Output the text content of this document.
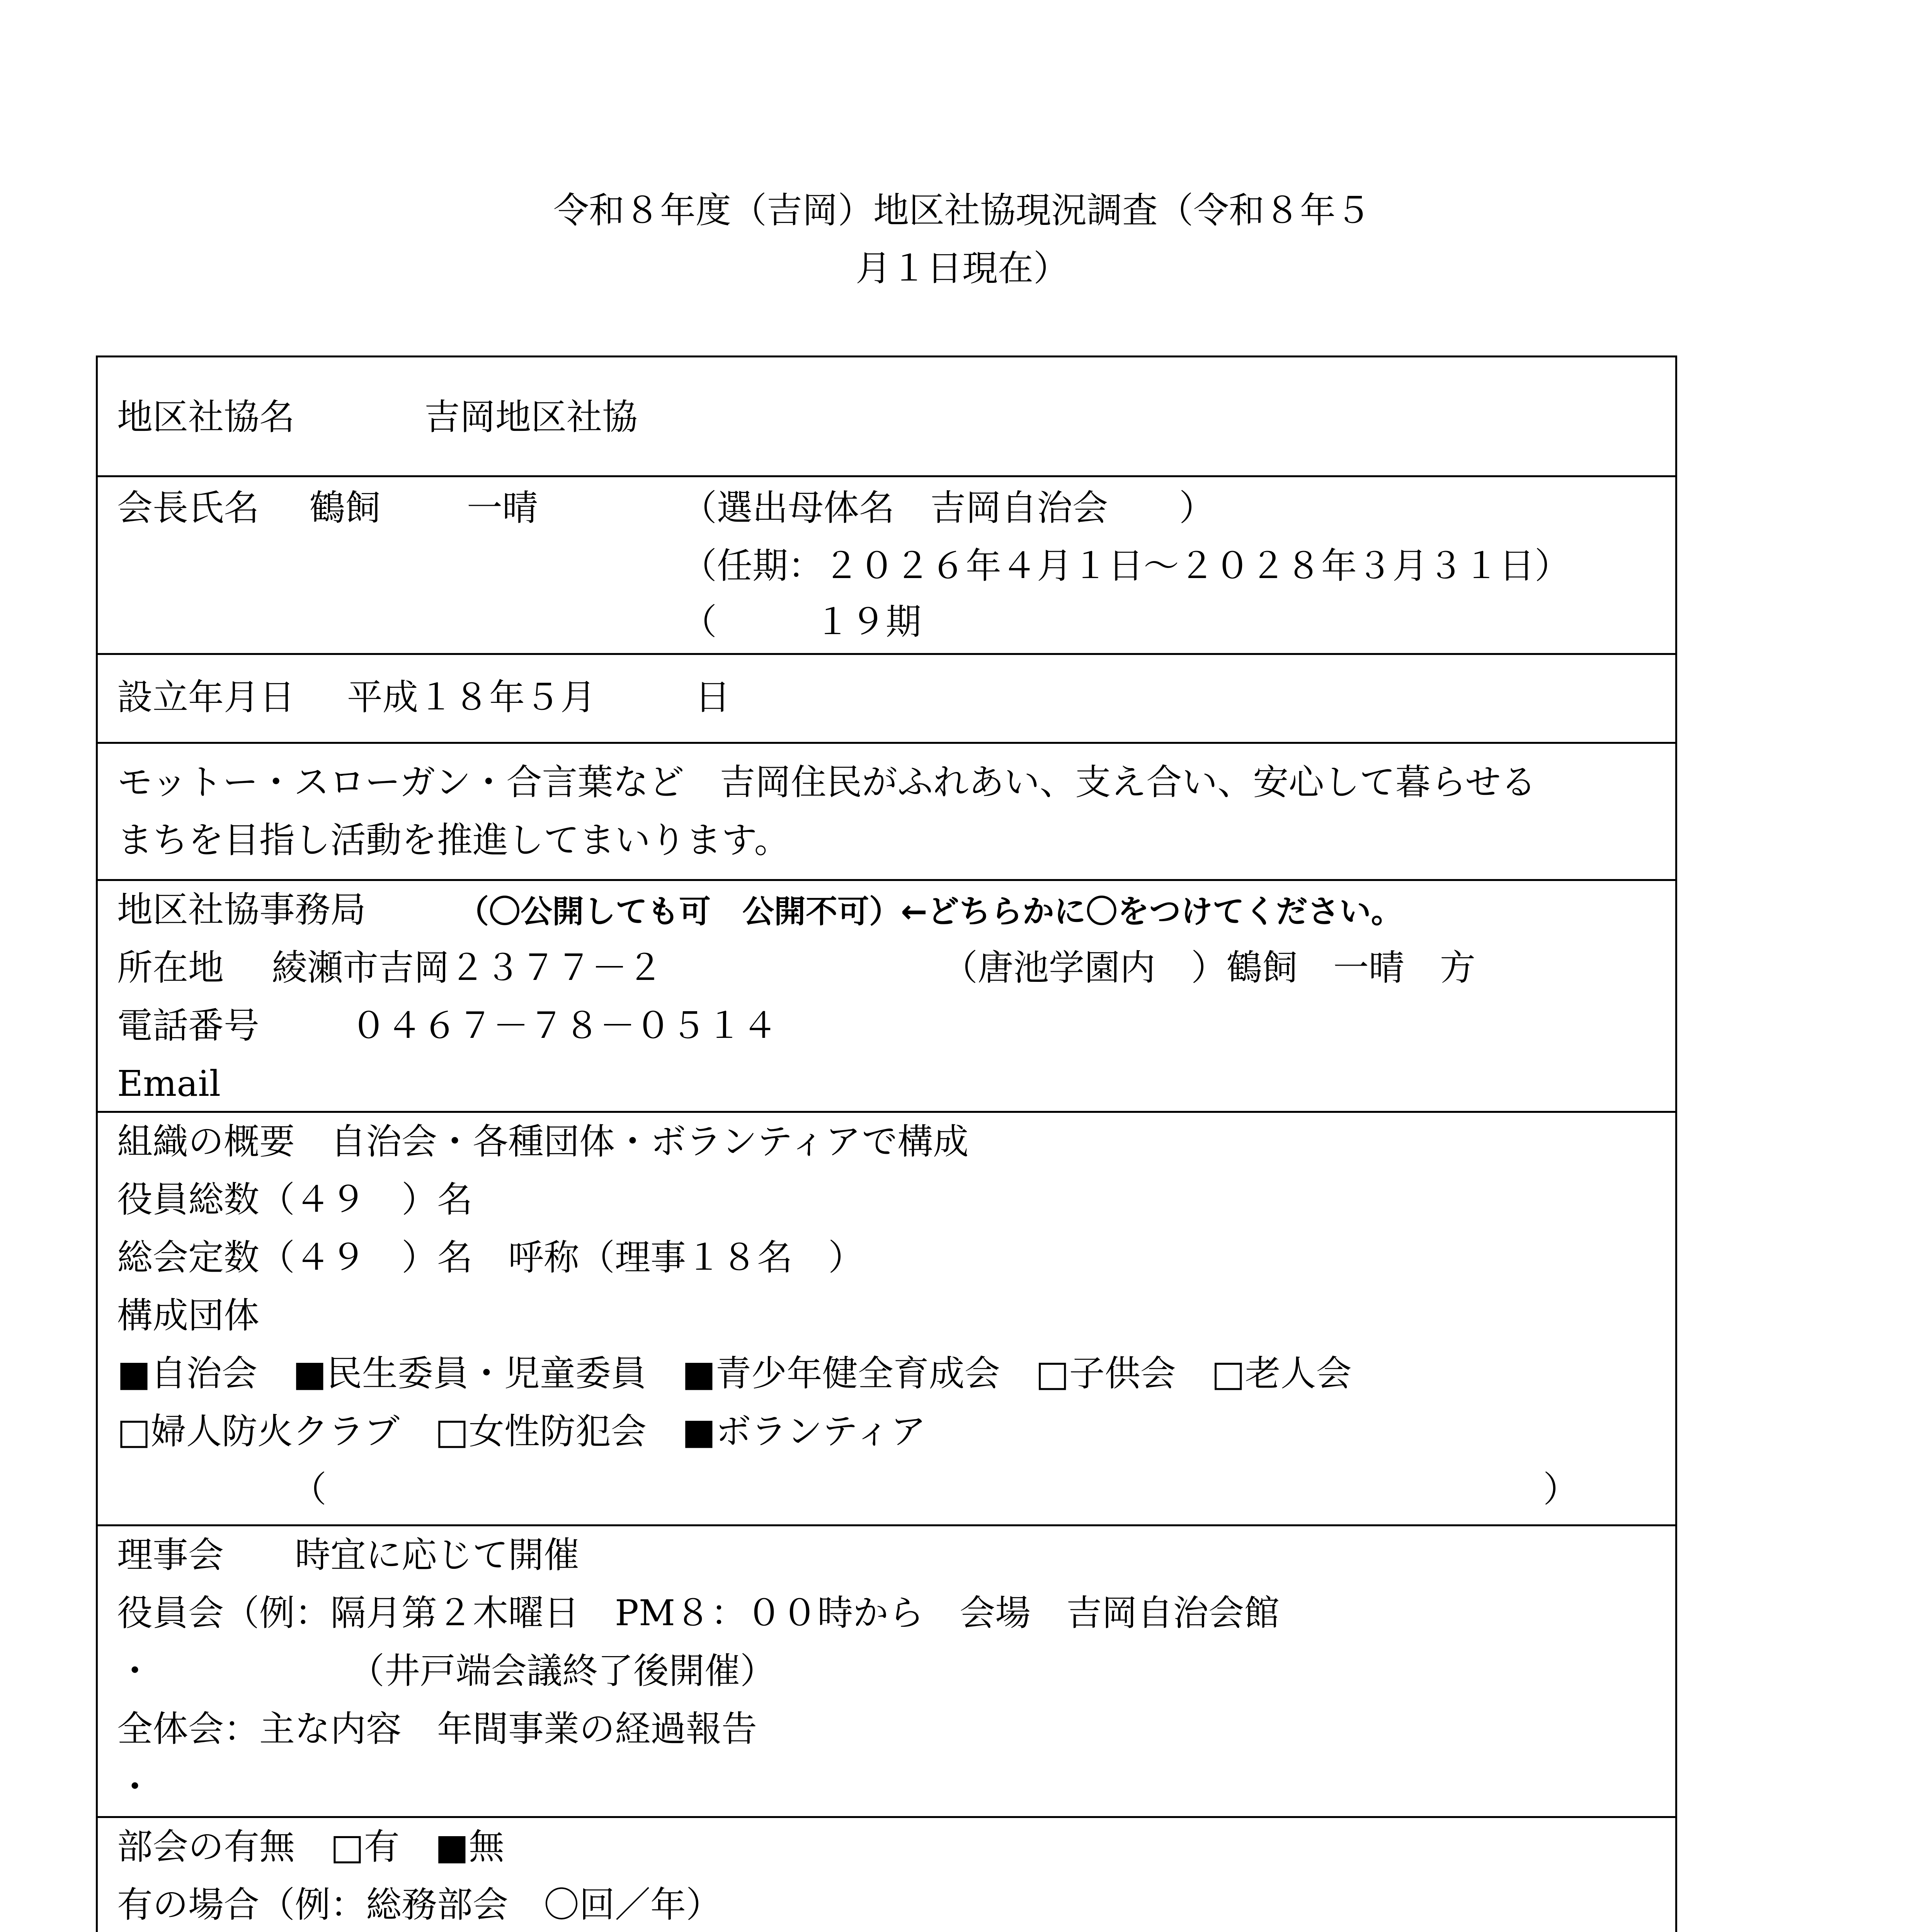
令和８年度（吉岡）地区社協現況調査（令和８年５
月１日現在）
地区社協名	吉岡地区社協
会長氏名 鶴飼 一晴	（選出母体名　吉岡自治会　　）
（任期：２０２６年４月１日～２０２８年３月３１日）
（	１９期
設立年月日 平成１８年５月	日
モットー・スローガン・合言葉など　吉岡住民がふれあい、支え合い、安心して暮らせる
まちを目指し活動を推進してまいります。
地区社協事務局	（〇公開しても可　公開不可）←どちらかに〇をつけてください。
所在地 綾瀬市吉岡２３７７－２	（唐池学園内　）鶴飼　一晴　方
電話番号	０４６７－７８－０５１４
Email
組織の概要　自治会・各種団体・ボランティアで構成
役員総数（４９　）名
総会定数（４９　）名　呼称（理事１８名　）
構成団体
■自治会　■民生委員・児童委員　■青少年健全育成会　□子供会　□老人会
□婦人防火クラブ　□女性防犯会　■ボランティア
（	）
理事会　　時宜に応じて開催
役員会（例：隔月第２木曜日　PM８：００時から　会場　吉岡自治会館
・	（井戸端会議終了後開催）
全体会：主な内容　年間事業の経過報告
・
部会の有無　□有　■無
有の場合（例：総務部会　〇回／年）
